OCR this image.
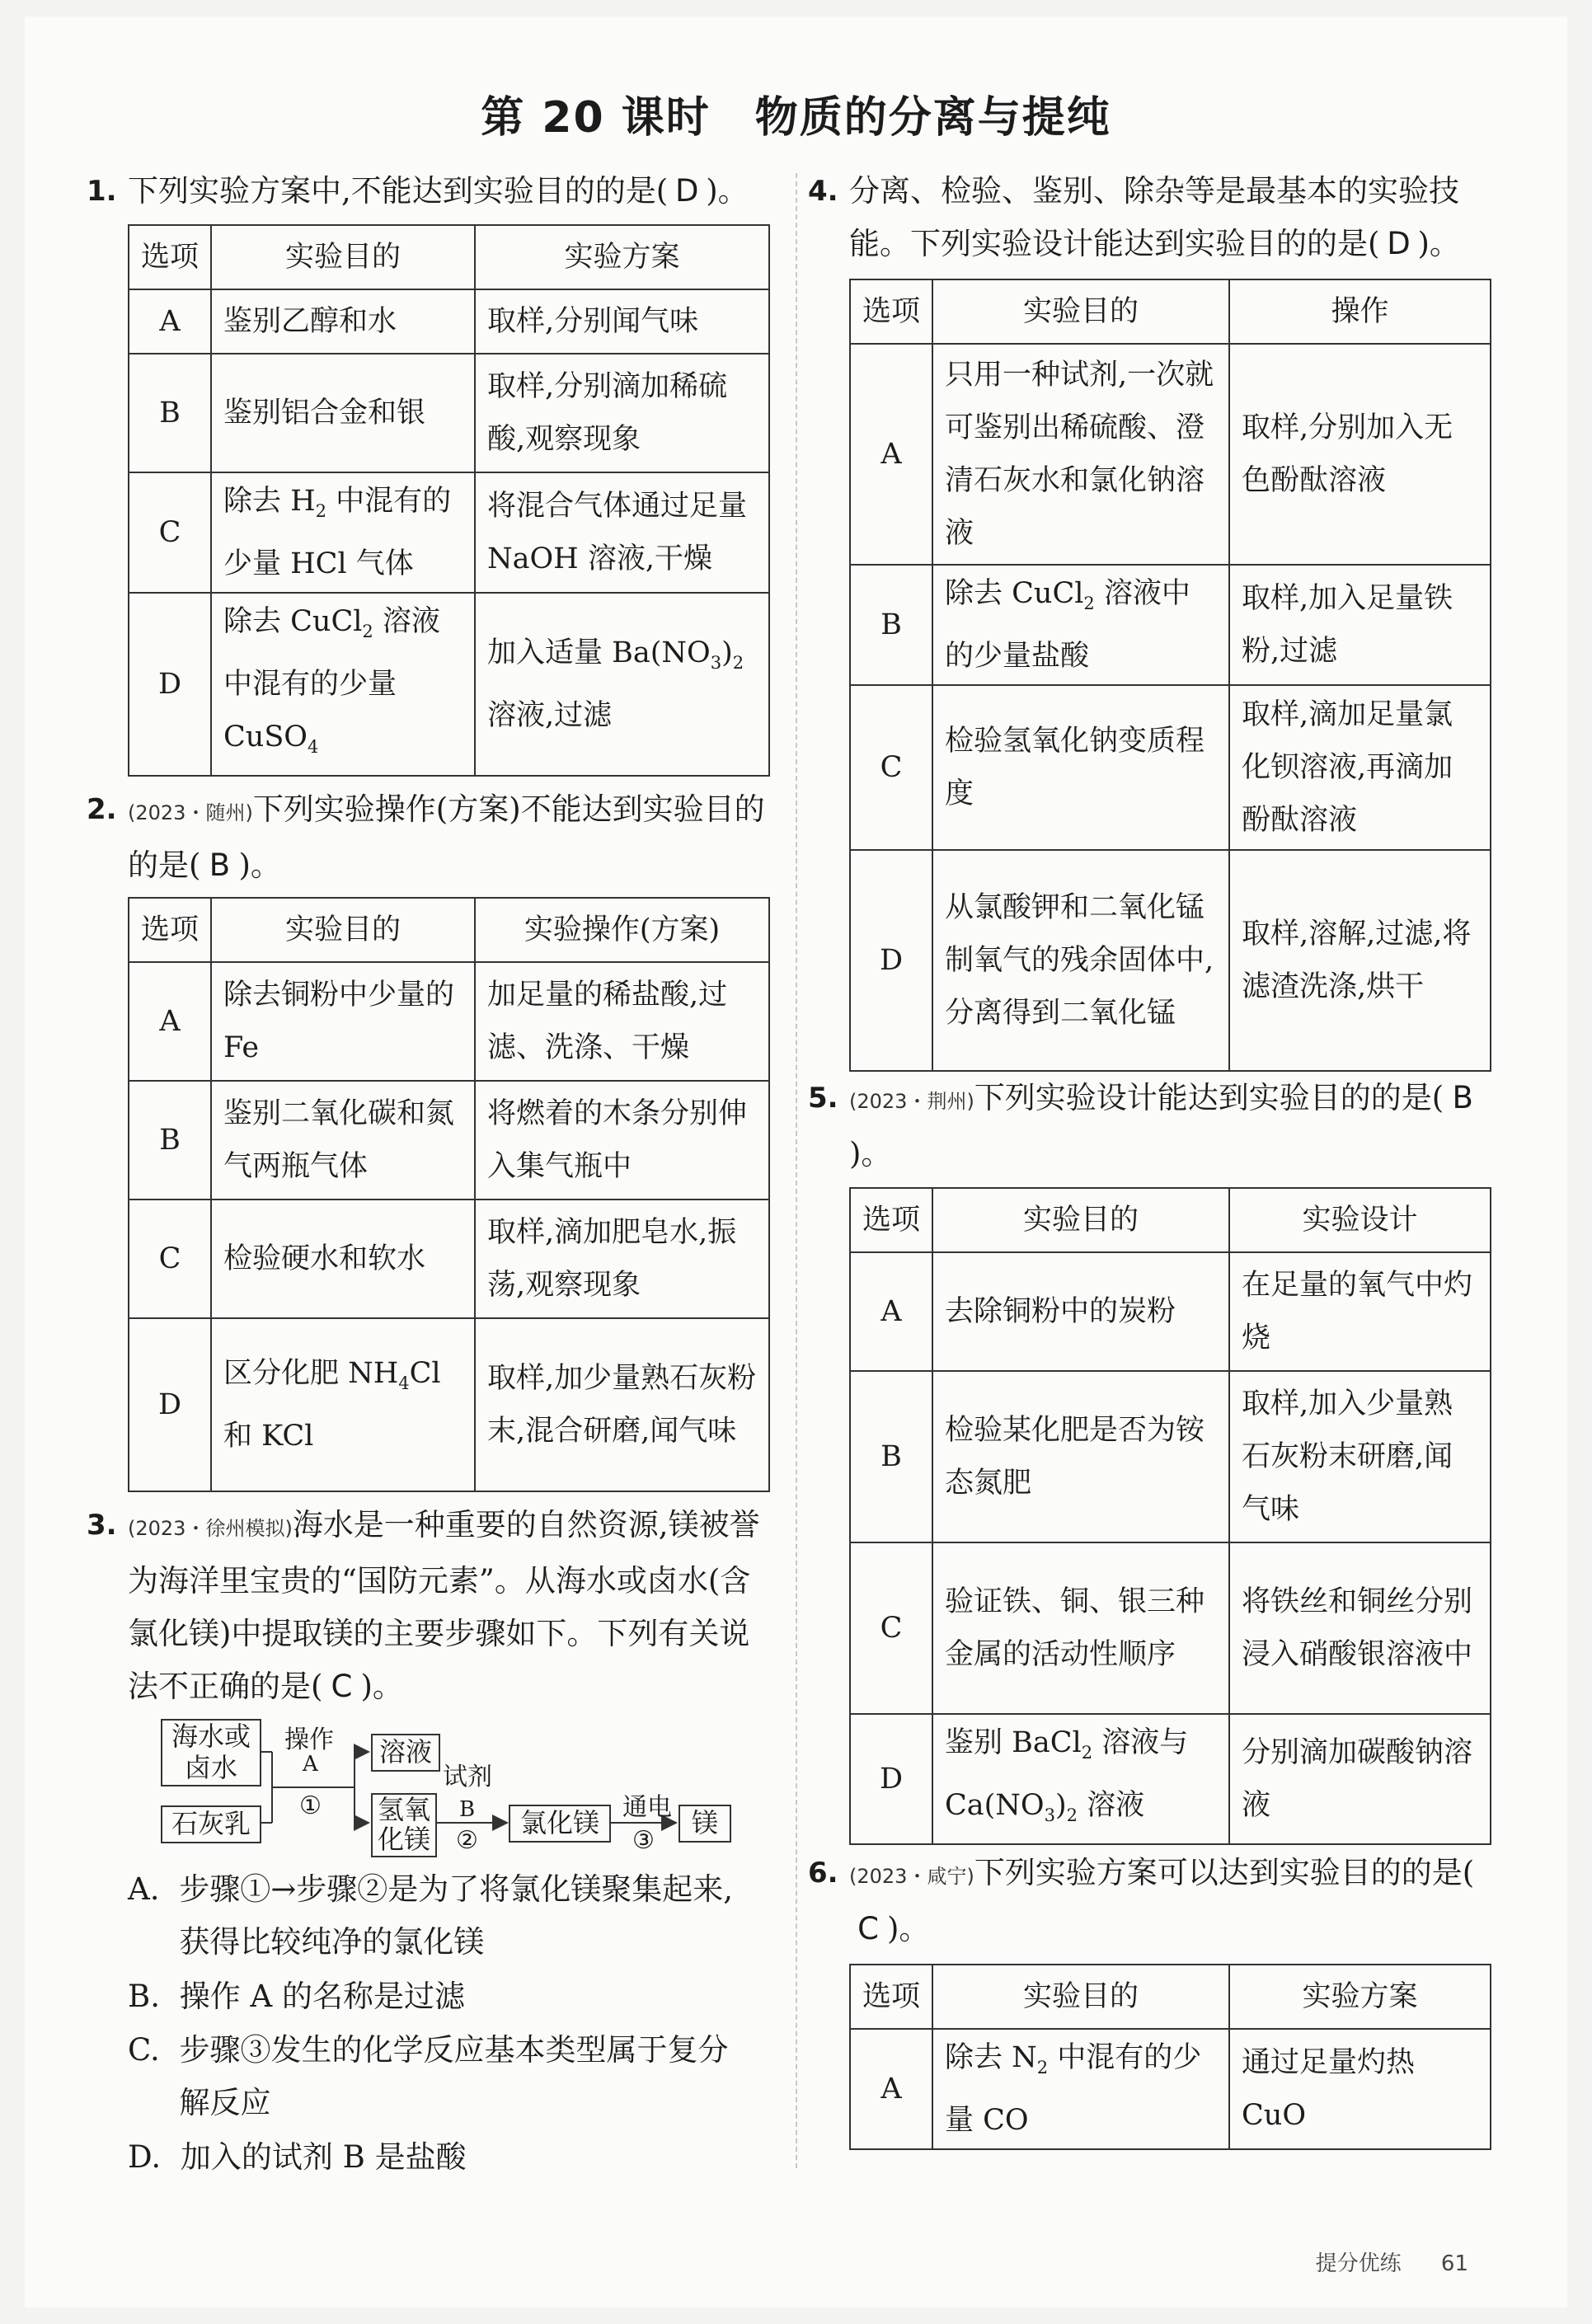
第 20 课时　物质的分离与提纯
1. 下列实验方案中,不能达到实验目的的是( D )。
选项	实验目的	实验方案
A	鉴别乙醇和水	取样,分别闻气味
B	鉴别铝合金和银	取样,分别滴加稀硫酸,观察现象
C	除去 $H_2$ 中混有的少量 HCl 气体	将混合气体通过足量 NaOH 溶液,干燥
D	除去 CuCl$_2$ 溶液中混有的少量 CuSO$_4$	加入适量 $Ba(NO_3)_2$ 溶液,过滤
2. (2023・随州)下列实验操作(方案)不能达到实验目的的是( B )。
选项	实验目的	实验操作(方案)
A	除去铜粉中少量的 Fe	加足量的稀盐酸,过滤、洗涤、干燥
B	鉴别二氧化碳和氮气两瓶气体	将燃着的木条分别伸入集气瓶中
C	检验硬水和软水	取样,滴加肥皂水,振荡,观察现象
D	区分化肥 $NH_4Cl$ 和 KCl	取样,加少量熟石灰粉末,混合研磨,闻气味
3. (2023・徐州模拟)海水是一种重要的自然资源,镁被誉为海洋里宝贵的“国防元素”。从海水或卤水(含氯化镁)中提取镁的主要步骤如下。下列有关说法不正确的是( C )。
海水或卤水
石灰乳
操作
A
①
溶液
试剂
氢氧化镁
B
②
氯化镁 通电
③
镁
A. 步骤①→步骤②是为了将氯化镁聚集起来,获得比较纯净的氯化镁
B. 操作 A 的名称是过滤
C. 步骤③发生的化学反应基本类型属于复分解反应
D. 加入的试剂 B 是盐酸
4. 分离、检验、鉴别、除杂等是最基本的实验技能。下列实验设计能达到实验目的的是( D )。
选项	实验目的	操作
A	只用一种试剂,一次就可鉴别出稀硫酸、澄清石灰水和氯化钠溶液	取样,分别加入无色酚酞溶液
B	除去 CuCl$_2$ 溶液中的少量盐酸	取样,加入足量铁粉,过滤
C	检验氢氧化钠变质程度	取样,滴加足量氯化钡溶液,再滴加酚酞溶液
D	从氯酸钾和二氧化锰制氧气的残余固体中,分离得到二氧化锰	取样,溶解,过滤,将滤渣洗涤,烘干
5. (2023・荆州)下列实验设计能达到实验目的的是( B)。
选项	实验目的	实验设计
A	去除铜粉中的炭粉	在足量的氧气中灼烧
B	检验某化肥是否为铵态氮肥	取样,加入少量熟石灰粉末研磨,闻气味
C	验证铁、铜、银三种金属的活动性顺序	将铁丝和铜丝分别浸入硝酸银溶液中
D	鉴别 BaCl$_2$ 溶液与 $Ca(NO_3)_2$ 溶液	分别滴加碳酸钠溶液
6. (2023・咸宁)下列实验方案可以达到实验目的的是(C )。
选项	实验目的	实验方案
A	除去 $N_2$ 中混有的少量 CO	通过足量灼热 CuO
提分优练 61
